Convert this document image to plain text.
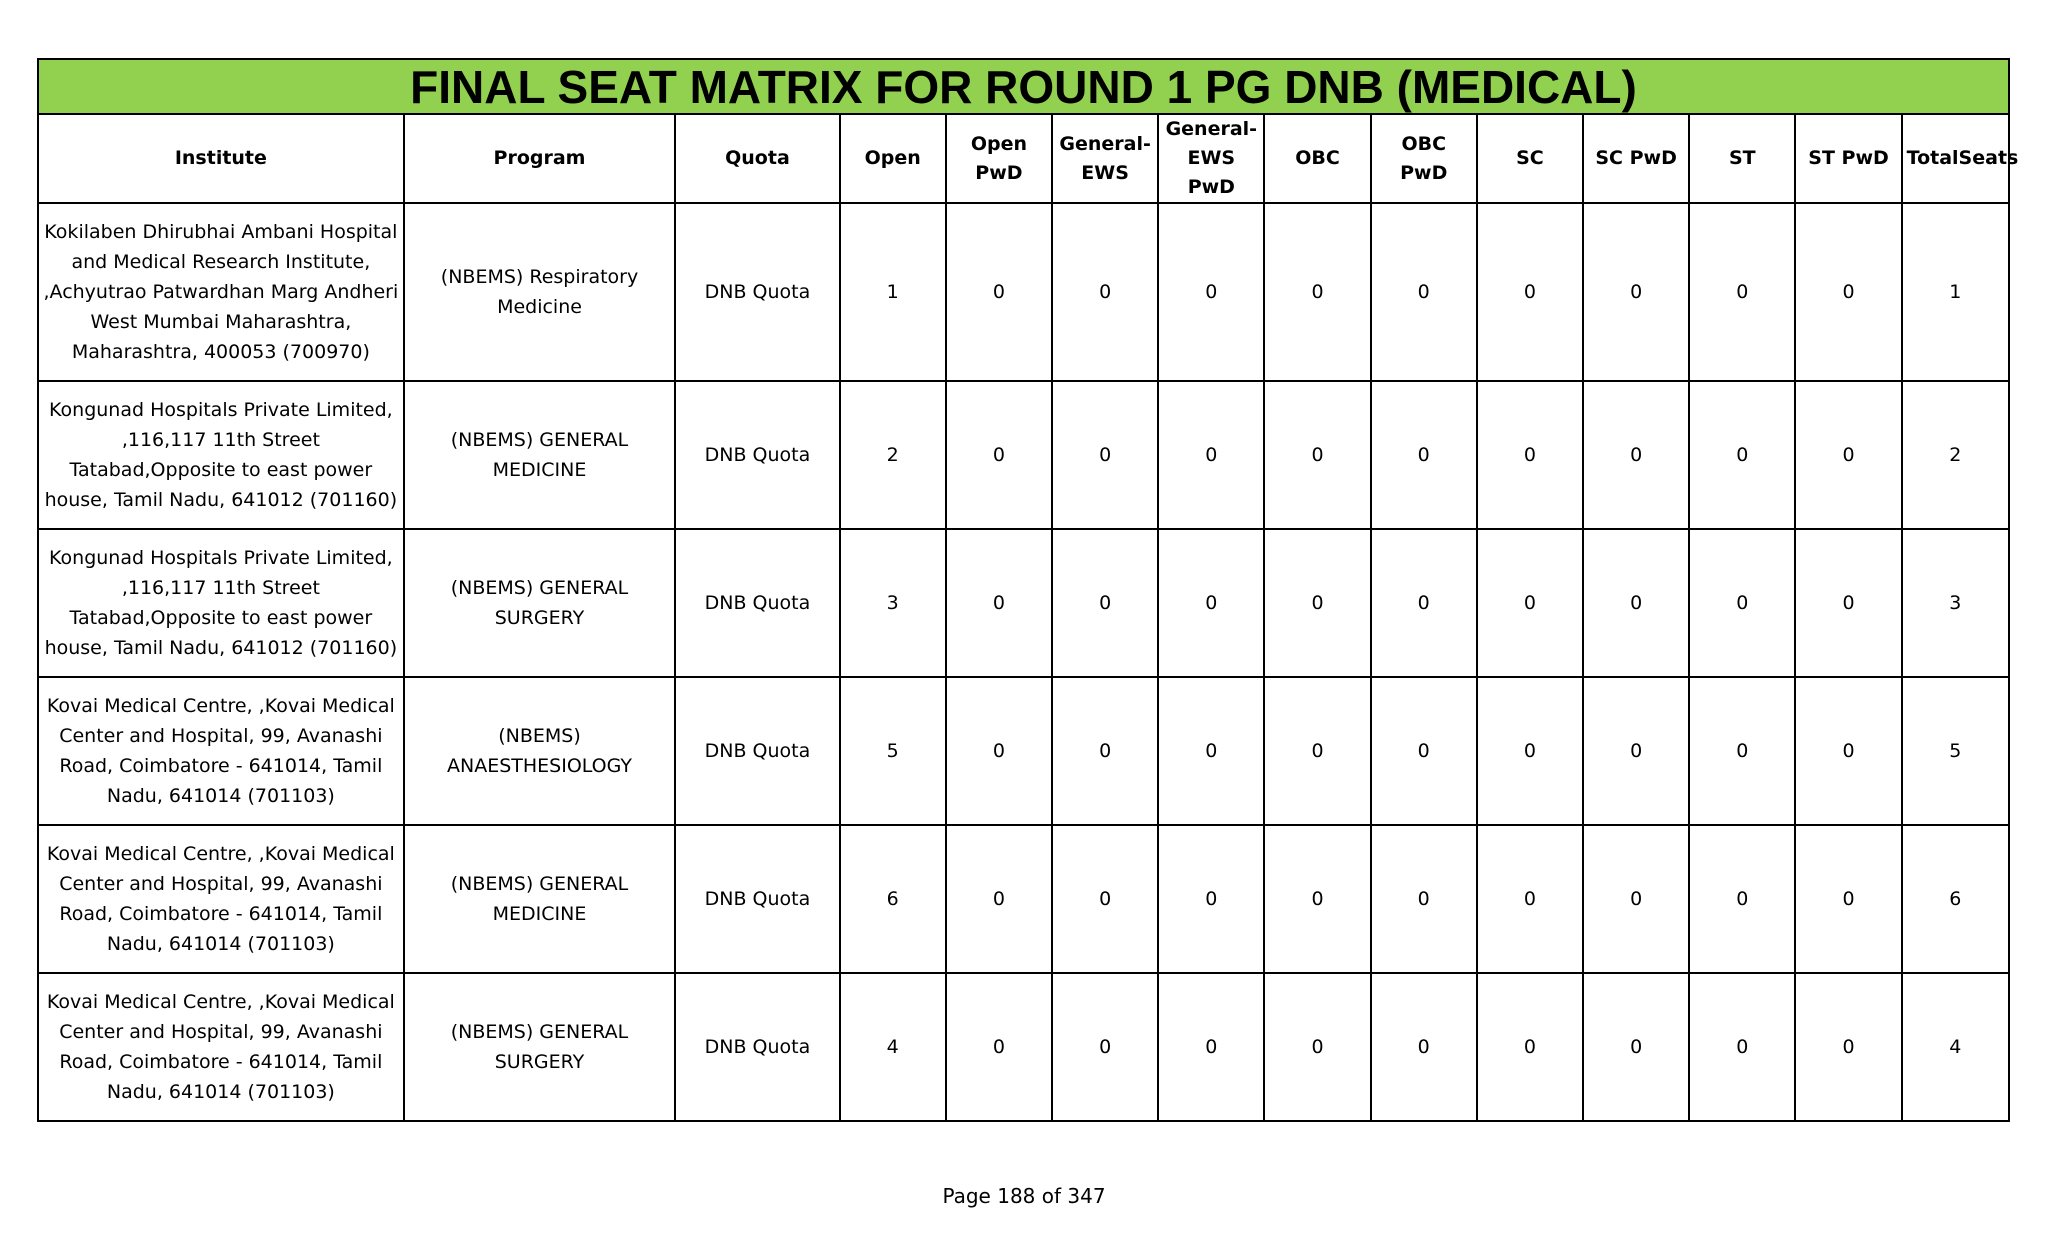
FINAL SEAT MATRIX FOR ROUND 1 PG DNB (MEDICAL)
Institute	Program	Quota	Open	Open PwD	General-EWS	General-EWS PwD	OBC	OBC PwD	SC	SC PwD	ST	ST PwD	TotalSeats
Kokilaben Dhirubhai Ambani Hospital and Medical Research Institute, ,Achyutrao Patwardhan Marg Andheri West Mumbai Maharashtra, Maharashtra, 400053 (700970)	(NBEMS) Respiratory Medicine	DNB Quota	1	0	0	0	0	0	0	0	0	0	1
Kongunad Hospitals Private Limited, ,116,117 11th Street Tatabad,Opposite to east power house, Tamil Nadu, 641012 (701160)	(NBEMS) GENERAL MEDICINE	DNB Quota	2	0	0	0	0	0	0	0	0	0	2
Kongunad Hospitals Private Limited, ,116,117 11th Street Tatabad,Opposite to east power house, Tamil Nadu, 641012 (701160)	(NBEMS) GENERAL SURGERY	DNB Quota	3	0	0	0	0	0	0	0	0	0	3
Kovai Medical Centre, ,Kovai Medical Center and Hospital, 99, Avanashi Road, Coimbatore - 641014, Tamil Nadu, 641014 (701103)	(NBEMS) ANAESTHESIOLOGY	DNB Quota	5	0	0	0	0	0	0	0	0	0	5
Kovai Medical Centre, ,Kovai Medical Center and Hospital, 99, Avanashi Road, Coimbatore - 641014, Tamil Nadu, 641014 (701103)	(NBEMS) GENERAL MEDICINE	DNB Quota	6	0	0	0	0	0	0	0	0	0	6
Kovai Medical Centre, ,Kovai Medical Center and Hospital, 99, Avanashi Road, Coimbatore - 641014, Tamil Nadu, 641014 (701103)	(NBEMS) GENERAL SURGERY	DNB Quota	4	0	0	0	0	0	0	0	0	0	4
Page 188 of 347
